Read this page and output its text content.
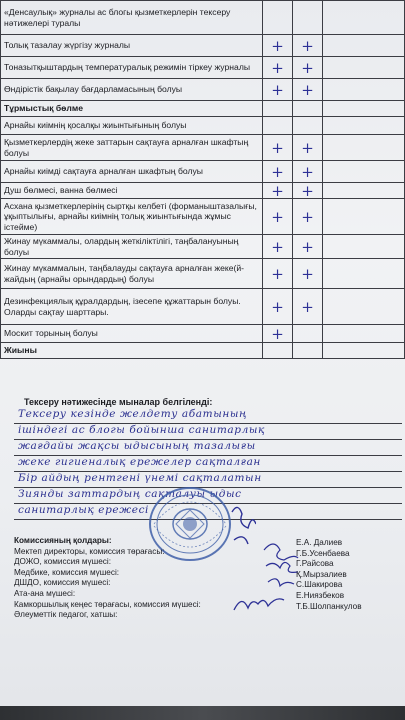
«Денсаулық» журналы ас блогы қызметкерлерін тексеру нәтижелері туралы			
Толық тазалау жүргізу журналы	+	+	
Тоназытқыштардың температуралық режимін тіркеу журналы	+	+	
Өндірістік бақылау бағдарламасының болуы	+	+	
Тұрмыстық бөлме			
Арнайы киімнің қосалқы жиынтығының болуы			
Қызметкерлердің жеке заттарын сақтауға арналған шкафтың болуы	+	+	
Арнайы киімді сақтауға арналған шкафтың болуы	+	+	
Душ бөлмесі, ванна бөлмесі	+	+	
Асхана қызметкерлерінің сыртқы келбеті (форманыштазалығы, ұқыптылығы, арнайы киімнің толық жиынтығында жұмыс істейме)	+	+	
Жинау мүкаммалы, олардың жеткіліктілігі, таңбалануының болуы	+	+	
Жинау мүкаммалын, таңбалауды сақтауға арналған жеке(й-жайдың (арнайы орындардың) болуы	+	+	
Дезинфекциялық құралдардың, ізесепе құжаттарын болуы. Оларды сақтау шарттары.	+	+	
Москит торының болуы	+		
Жиыны			
Тексеру нәтижесінде мыналар белгіленді:
Тексеру кезінде желдету абатының
ішіндегі ас блогы бойынша санитарлық
жағдайы жақсы ыдысының тазалығы
жеке гигиеналық ережелер сақталған
Бір айдың рентгені үнемі сақталатын
Зиянды заттардың сақталуы ыдыс
санитарлық ережесі
Комиссияның қолдары:
Мектеп директоры, комиссия төрағасы:
ДОЖО, комиссия мүшесі:
Медбике, комиссия мүшесі:
ДШДО, комиссия мүшесі:
Ата-ана мүшесі:
Камкоршылық кеңес төрағасы, комиссия мүшесі:
Әлеуметтік педагог, хатшы:
Е.А. Далиев
Г.Б.Усенбаева
Г.Райсова
Қ.Мырзалиев
С.Шакирова
Е.Ниязбеков
Т.Б.Шолпанкулов
